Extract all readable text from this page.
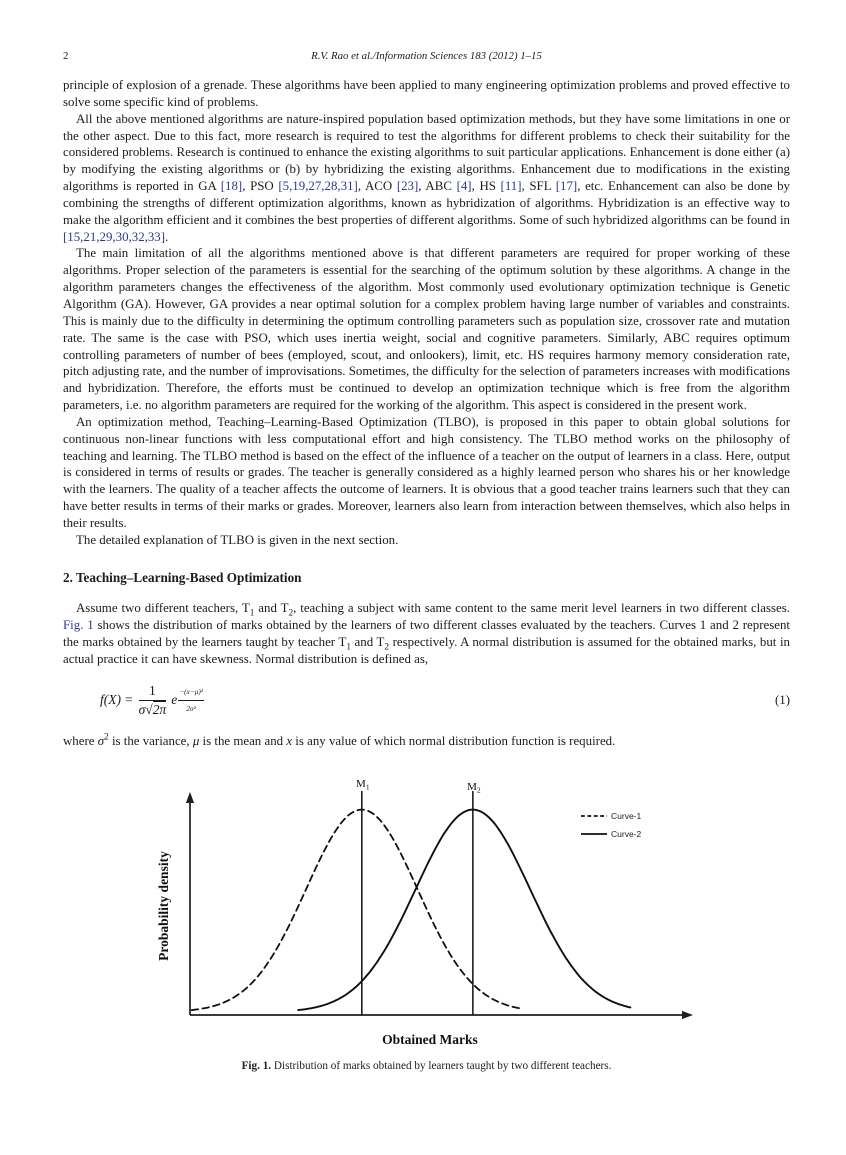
2	R.V. Rao et al./Information Sciences 183 (2012) 1–15

principle of explosion of a grenade. These algorithms have been applied to many engineering optimization problems and proved effective to solve some specific kind of problems.

All the above mentioned algorithms are nature-inspired population based optimization methods, but they have some limitations in one or the other aspect. Due to this fact, more research is required to test the algorithms for different problems to check their suitability for the considered problems. Research is continued to enhance the existing algorithms to suit particular applications. Enhancement is done either (a) by modifying the existing algorithms or (b) by hybridizing the existing algorithms. Enhancement due to modifications in the existing algorithms is reported in GA [18], PSO [5,19,27,28,31], ACO [23], ABC [4], HS [11], SFL [17], etc. Enhancement can also be done by combining the strengths of different optimization algorithms, known as hybridization of algorithms. Hybridization is an effective way to make the algorithm efficient and it combines the best properties of different algorithms. Some of such hybridized algorithms can be found in [15,21,29,30,32,33].

The main limitation of all the algorithms mentioned above is that different parameters are required for proper working of these algorithms. Proper selection of the parameters is essential for the searching of the optimum solution by these algorithms. A change in the algorithm parameters changes the effectiveness of the algorithm. Most commonly used evolutionary optimization technique is Genetic Algorithm (GA). However, GA provides a near optimal solution for a complex problem having large number of variables and constraints. This is mainly due to the difficulty in determining the optimum controlling parameters such as population size, crossover rate and mutation rate. The same is the case with PSO, which uses inertia weight, social and cognitive parameters. Similarly, ABC requires optimum controlling parameters of number of bees (employed, scout, and onlookers), limit, etc. HS requires harmony memory consideration rate, pitch adjusting rate, and the number of improvisations. Sometimes, the difficulty for the selection of parameters increases with modifications and hybridization. Therefore, the efforts must be continued to develop an optimization technique which is free from the algorithm parameters, i.e. no algorithm parameters are required for the working of the algorithm. This aspect is considered in the present work.

An optimization method, Teaching–Learning-Based Optimization (TLBO), is proposed in this paper to obtain global solutions for continuous non-linear functions with less computational effort and high consistency. The TLBO method works on the philosophy of teaching and learning. The TLBO method is based on the effect of the influence of a teacher on the output of learners in a class. Here, output is considered in terms of results or grades. The teacher is generally considered as a highly learned person who shares his or her knowledge with the learners. The quality of a teacher affects the outcome of learners. It is obvious that a good teacher trains learners such that they can have better results in terms of their marks or grades. Moreover, learners also learn from interaction between themselves, which also helps in their results.

The detailed explanation of TLBO is given in the next section.

2. Teaching–Learning-Based Optimization

Assume two different teachers, $T_1$ and $T_2$, teaching a subject with same content to the same merit level learners in two different classes. Fig. 1 shows the distribution of marks obtained by the learners of two different classes evaluated by the teachers. Curves 1 and 2 represent the marks obtained by the learners taught by teacher $T_1$ and $T_2$ respectively. A normal distribution is assumed for the obtained marks, but in actual practice it can have skewness. Normal distribution is defined as,

$f(X) = \frac{1}{\sigma√2\pi}$ e $\frac{\text{−(x−μ)²}}{\text{2σ²}}$	(1)

where $\sigma^2$ is the variance, μ is the mean and x is any value of which normal distribution function is required.

Curve-1
Curve-2
Obtained Marks
Probability density
$M_1$	$M_2$
Fig. 1. Distribution of marks obtained by learners taught by two different teachers.
